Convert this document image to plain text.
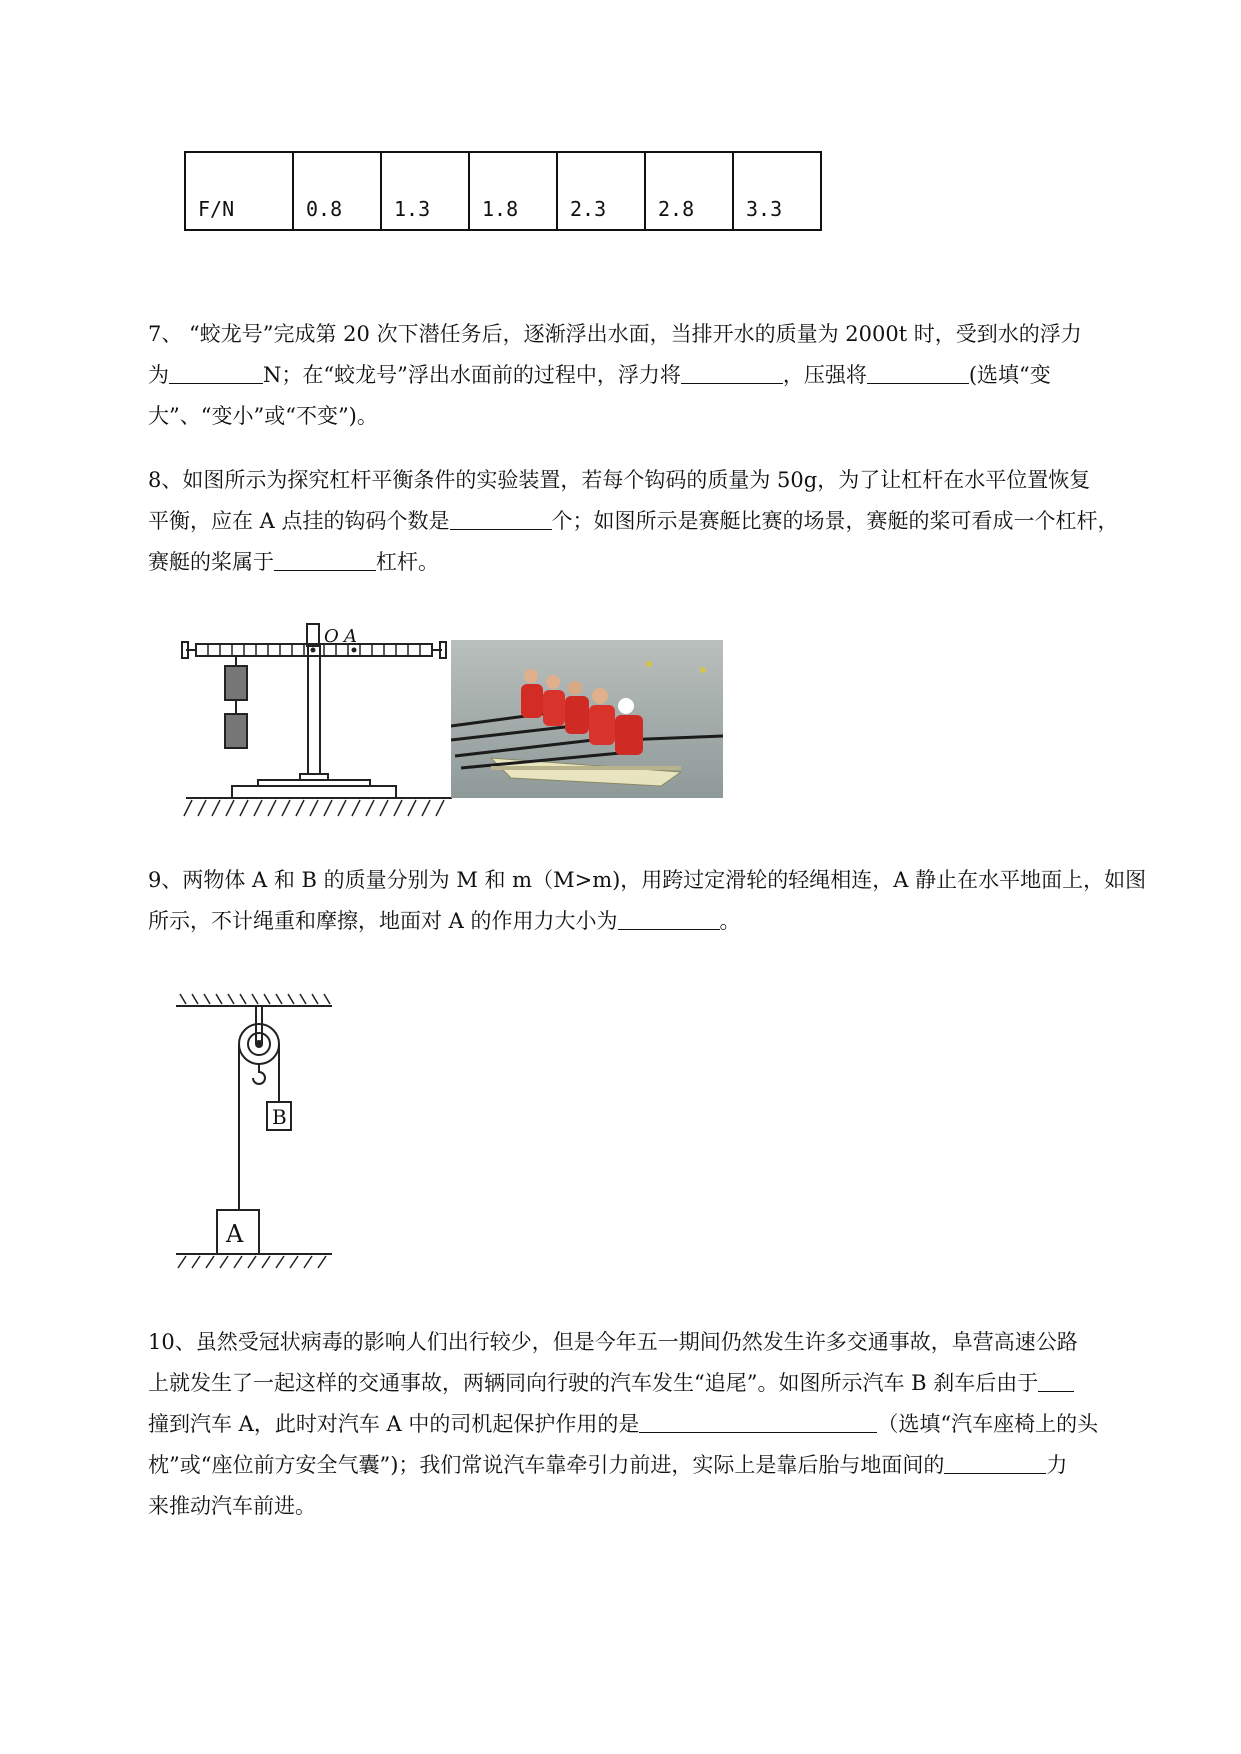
F/N	0.8	1.3	1.8	2.3	2.8	3.3
7、 “蛟龙号”完成第 20 次下潜任务后，逐渐浮出水面，当排开水的质量为 2000t 时，受到水的浮力
为	N；在“蛟龙号”浮出水面前的过程中，浮力将	，压强将	(选填“变
大”、“变小”或“不变”)。
8、如图所示为探究杠杆平衡条件的实验装置，若每个钩码的质量为 50g，为了让杠杆在水平位置恢复
平衡，应在 A 点挂的钩码个数是	个；如图所示是赛艇比赛的场景，赛艇的桨可看成一个杠杆，
赛艇的桨属于	杠杆。
O A
9、两物体 A 和 B 的质量分别为 M 和 m（M>m)，用跨过定滑轮的轻绳相连，A 静止在水平地面上，如图
所示，不计绳重和摩擦，地面对 A 的作用力大小为	。
B
A
10、虽然受冠状病毒的影响人们出行较少，但是今年五一期间仍然发生许多交通事故，阜营高速公路
上就发生了一起这样的交通事故，两辆同向行驶的汽车发生“追尾”。如图所示汽车 B 刹车后由于
撞到汽车 A，此时对汽车 A 中的司机起保护作用的是	（选填“汽车座椅上的头
枕”或“座位前方安全气囊”)；我们常说汽车靠牵引力前进，实际上是靠后胎与地面间的	力
来推动汽车前进。
